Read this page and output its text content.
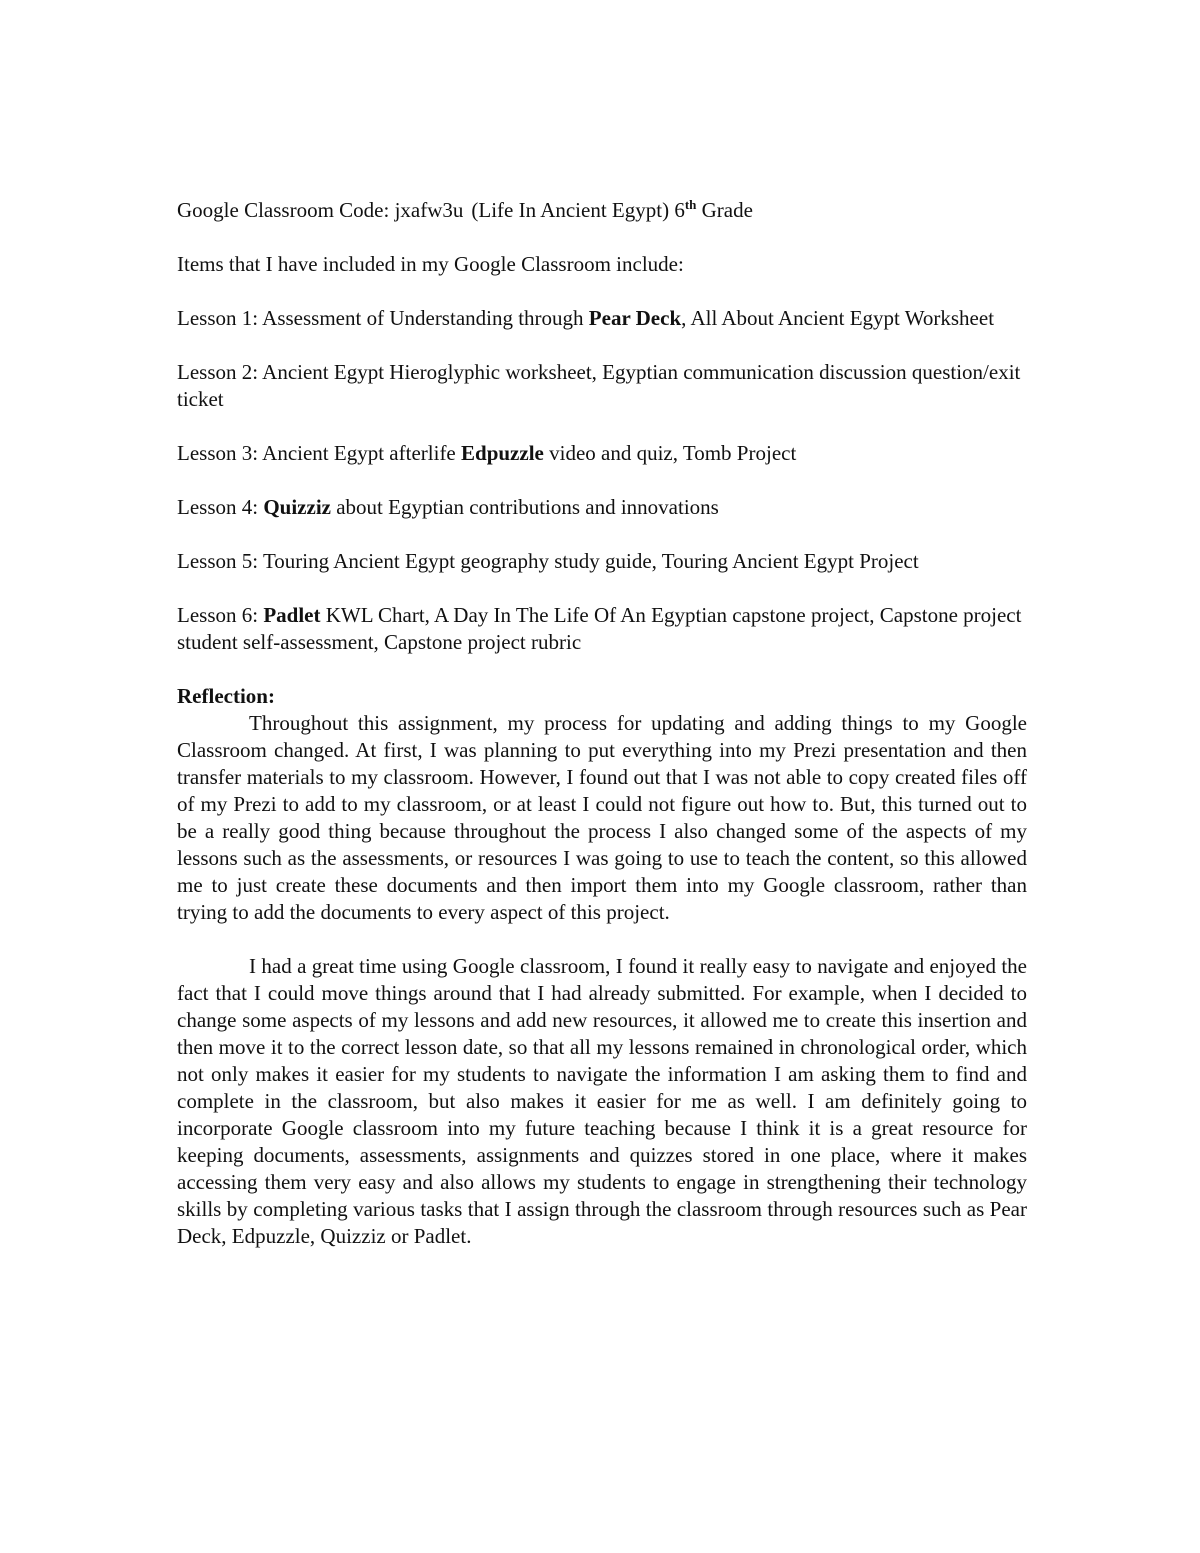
Google Classroom Code: jxafw3u (Life In Ancient Egypt) 6th Grade

Items that I have included in my Google Classroom include:

Lesson 1: Assessment of Understanding through Pear Deck, All About Ancient Egypt Worksheet

Lesson 2: Ancient Egypt Hieroglyphic worksheet, Egyptian communication discussion question/exit ticket

Lesson 3: Ancient Egypt afterlife Edpuzzle video and quiz, Tomb Project

Lesson 4: Quizziz about Egyptian contributions and innovations

Lesson 5: Touring Ancient Egypt geography study guide, Touring Ancient Egypt Project

Lesson 6: Padlet KWL Chart, A Day In The Life Of An Egyptian capstone project, Capstone project student self-assessment, Capstone project rubric

Reflection:

Throughout this assignment, my process for updating and adding things to my Google Classroom changed. At first, I was planning to put everything into my Prezi presentation and then transfer materials to my classroom. However, I found out that I was not able to copy created files off of my Prezi to add to my classroom, or at least I could not figure out how to. But, this turned out to be a really good thing because throughout the process I also changed some of the aspects of my lessons such as the assessments, or resources I was going to use to teach the content, so this allowed me to just create these documents and then import them into my Google classroom, rather than trying to add the documents to every aspect of this project.

I had a great time using Google classroom, I found it really easy to navigate and enjoyed the fact that I could move things around that I had already submitted. For example, when I decided to change some aspects of my lessons and add new resources, it allowed me to create this insertion and then move it to the correct lesson date, so that all my lessons remained in chronological order, which not only makes it easier for my students to navigate the information I am asking them to find and complete in the classroom, but also makes it easier for me as well. I am definitely going to incorporate Google classroom into my future teaching because I think it is a great resource for keeping documents, assessments, assignments and quizzes stored in one place, where it makes accessing them very easy and also allows my students to engage in strengthening their technology skills by completing various tasks that I assign through the classroom through resources such as Pear Deck, Edpuzzle, Quizziz or Padlet.
